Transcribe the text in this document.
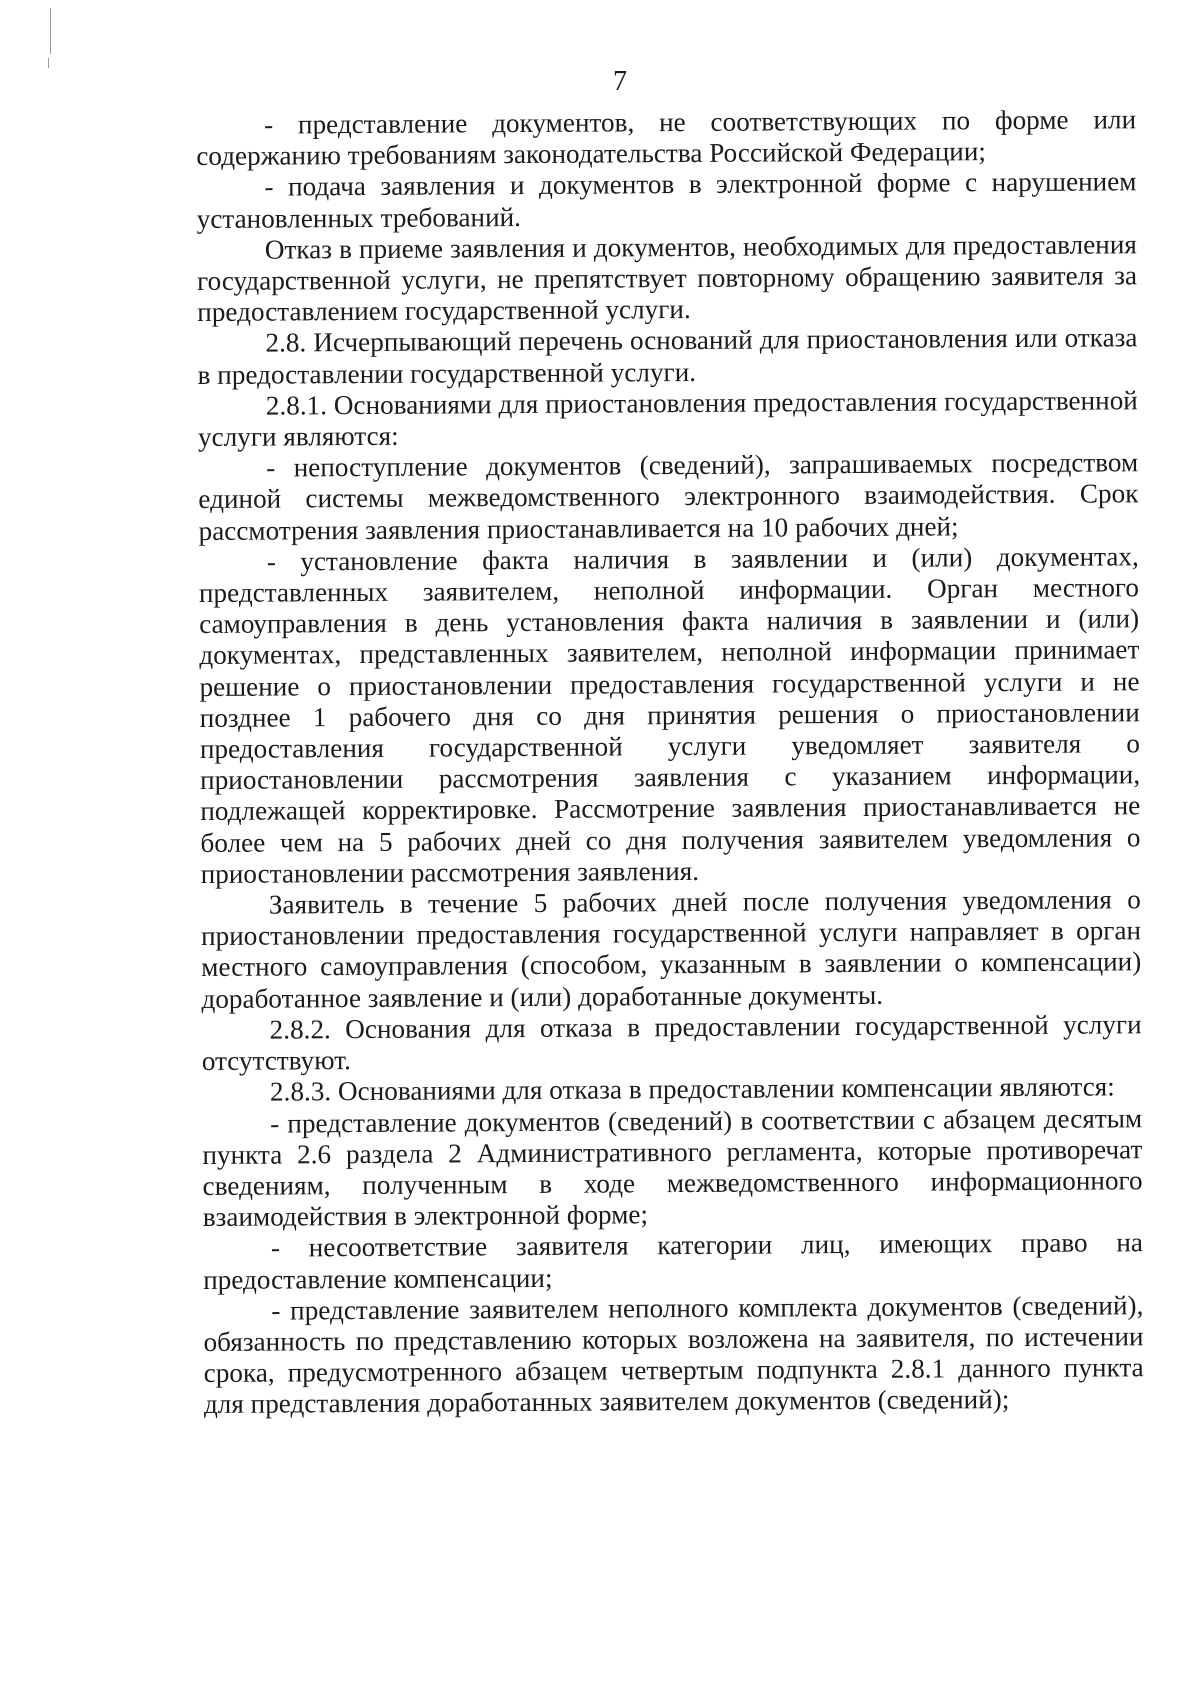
7

- представление документов, не соответствующих по форме или содержанию требованиям законодательства Российской Федерации;

- подача заявления и документов в электронной форме с нарушением установленных требований.

Отказ в приеме заявления и документов, необходимых для предоставления государственной услуги, не препятствует повторному обращению заявителя за предоставлением государственной услуги.

2.8. Исчерпывающий перечень оснований для приостановления или отказа в предоставлении государственной услуги.

2.8.1. Основаниями для приостановления предоставления государственной услуги являются:

- непоступление документов (сведений), запрашиваемых посредством единой системы межведомственного электронного взаимодействия. Срок рассмотрения заявления приостанавливается на 10 рабочих дней;

- установление факта наличия в заявлении и (или) документах, представленных заявителем, неполной информации. Орган местного самоуправления в день установления факта наличия в заявлении и (или) документах, представленных заявителем, неполной информации принимает решение о приостановлении предоставления государственной услуги и не позднее 1 рабочего дня со дня принятия решения о приостановлении предоставления государственной услуги уведомляет заявителя о приостановлении рассмотрения заявления с указанием информации, подлежащей корректировке. Рассмотрение заявления приостанавливается не более чем на 5 рабочих дней со дня получения заявителем уведомления о приостановлении рассмотрения заявления.

Заявитель в течение 5 рабочих дней после получения уведомления о приостановлении предоставления государственной услуги направляет в орган местного самоуправления (способом, указанным в заявлении о компенсации) доработанное заявление и (или) доработанные документы.

2.8.2. Основания для отказа в предоставлении государственной услуги отсутствуют.

2.8.3. Основаниями для отказа в предоставлении компенсации являются:

- представление документов (сведений) в соответствии с абзацем десятым пункта 2.6 раздела 2 Административного регламента, которые противоречат сведениям, полученным в ходе межведомственного информационного взаимодействия в электронной форме;

- несоответствие заявителя категории лиц, имеющих право на предоставление компенсации;

- представление заявителем неполного комплекта документов (сведений), обязанность по представлению которых возложена на заявителя, по истечении срока, предусмотренного абзацем четвертым подпункта 2.8.1 данного пункта для представления доработанных заявителем документов (сведений);
